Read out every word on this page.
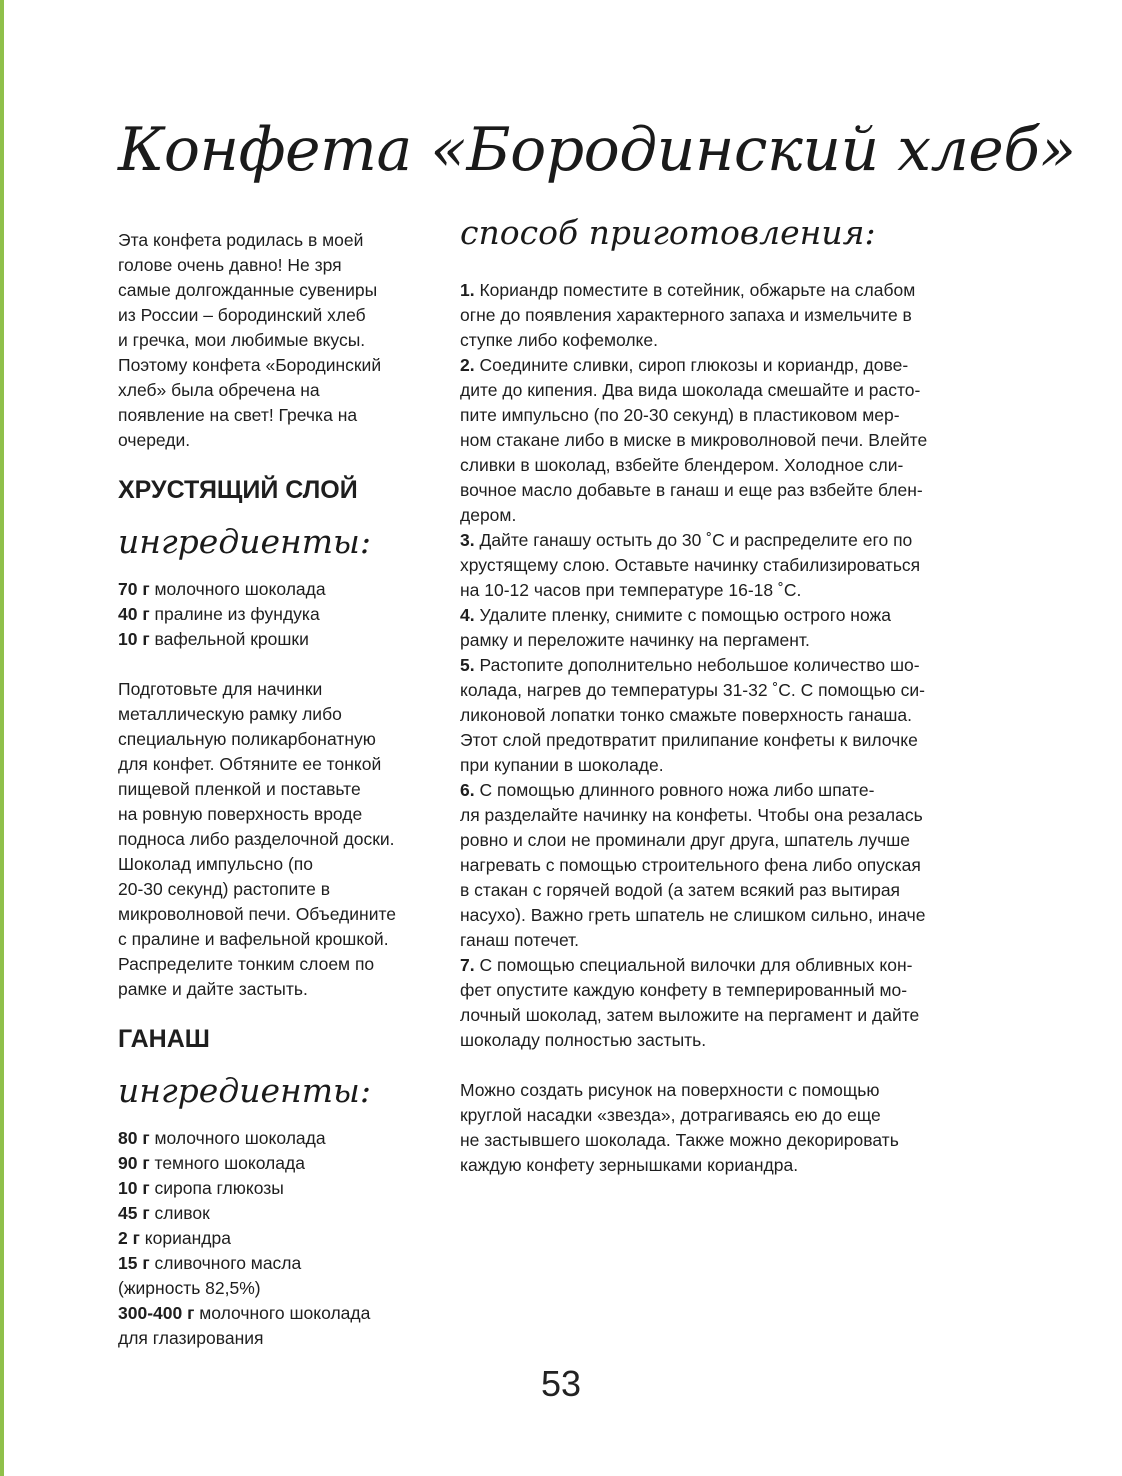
Конфета «Бородинский хлеб»

Эта конфета родилась в моей
голове очень давно! Не зря
самые долгожданные сувениры
из России – бородинский хлеб
и гречка, мои любимые вкусы.
Поэтому конфета «Бородинский
хлеб» была обречена на
появление на свет! Гречка на
очереди.

ХРУСТЯЩИЙ СЛОЙ
ингредиенты:
70 г молочного шоколада
40 г пралине из фундука
10 г вафельной крошки

Подготовьте для начинки
металлическую рамку либо
специальную поликарбонатную
для конфет. Обтяните ее тонкой
пищевой пленкой и поставьте
на ровную поверхность вроде
подноса либо разделочной доски.
Шоколад импульсно (по
20-30 секунд) растопите в
микроволновой печи. Объедините
с пралине и вафельной крошкой.
Распределите тонким слоем по
рамке и дайте застыть.

ГАНАШ
ингредиенты:
80 г молочного шоколада
90 г темного шоколада
10 г сиропа глюкозы
45 г сливок
2 г кориандра
15 г сливочного масла
(жирность 82,5%)
300-400 г молочного шоколада
для глазирования
способ приготовления:
1. Кориандр поместите в сотейник, обжарьте на слабом
огне до появления характерного запаха и измельчите в
ступке либо кофемолке.
2. Соедините сливки, сироп глюкозы и кориандр, дове-
дите до кипения. Два вида шоколада смешайте и расто-
пите импульсно (по 20-30 секунд) в пластиковом мер-
ном стакане либо в миске в микроволновой печи. Влейте
сливки в шоколад, взбейте блендером. Холодное сли-
вочное масло добавьте в ганаш и еще раз взбейте блен-
дером.
3. Дайте ганашу остыть до 30 ˚С и распределите его по
хрустящему слою. Оставьте начинку стабилизироваться
на 10-12 часов при температуре 16-18 ˚С.
4. Удалите пленку, снимите с помощью острого ножа
рамку и переложите начинку на пергамент.
5. Растопите дополнительно небольшое количество шо-
колада, нагрев до температуры 31-32 ˚С. С помощью си-
ликоновой лопатки тонко смажьте поверхность ганаша.
Этот слой предотвратит прилипание конфеты к вилочке
при купании в шоколаде.
6. С помощью длинного ровного ножа либо шпате-
ля разделайте начинку на конфеты. Чтобы она резалась
ровно и слои не проминали друг друга, шпатель лучше
нагревать с помощью строительного фена либо опуская
в стакан с горячей водой (а затем всякий раз вытирая
насухо). Важно греть шпатель не слишком сильно, иначе
ганаш потечет.
7. С помощью специальной вилочки для обливных кон-
фет опустите каждую конфету в темперированный мо-
лочный шоколад, затем выложите на пергамент и дайте
шоколаду полностью застыть.

Можно создать рисунок на поверхности с помощью
круглой насадки «звезда», дотрагиваясь ею до еще
не застывшего шоколада. Также можно декорировать
каждую конфету зернышками кориандра.

53
